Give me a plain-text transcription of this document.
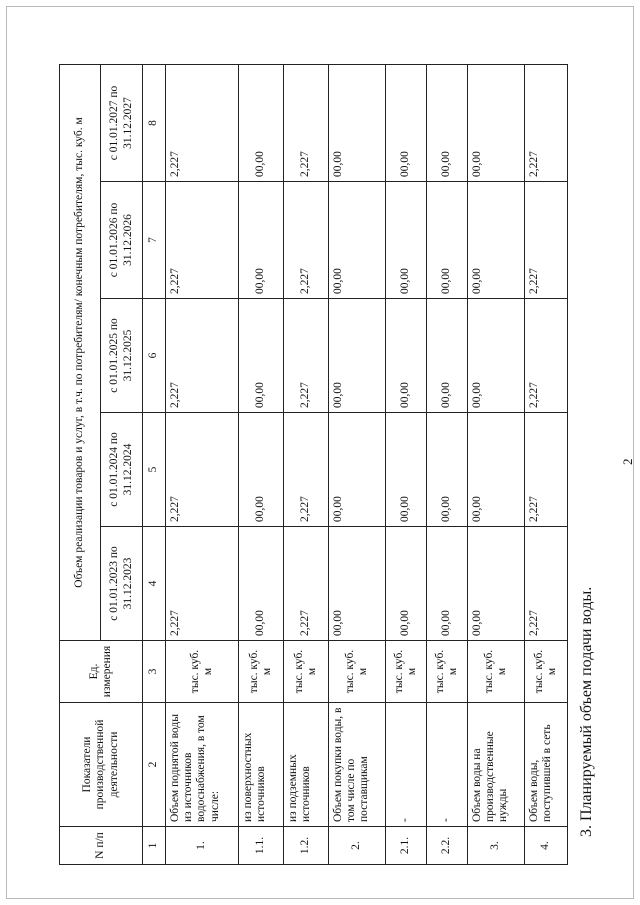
2
3. Планируемый объем подачи воды.
N п/п	Показатели производственной деятельности	Ед. измерения	Объем реализации товаров и услуг, в т.ч. по потребителям/ конечным потребителям, тыс. куб. м				
			с 01.01.2023 по 31.12.2023	с 01.01.2024 по 31.12.2024	с 01.01.2025 по 31.12.2025	с 01.01.2026 по 31.12.2026	с 01.01.2027 по 31.12.2027
1	2	3	4	5	6	7	8
1.	Объем поднятой воды из источников водоснабжения, в том числе:	тыс. куб. м	2,227	2,227	2,227	2,227	2,227
1.1.	из поверхностных источников	тыс. куб. м	00,00	00,00	00,00	00,00	00,00
1.2.	из подземных источников	тыс. куб. м	2,227	2,227	2,227	2,227	2,227
2.	Объем покупки воды, в том числе по поставщикам	тыс. куб. м	00,00	00,00	00,00	00,00	00,00
2.1.	-	тыс. куб. м	00,00	00,00	00,00	00,00	00,00
2.2.	-	тыс. куб. м	00,00	00,00	00,00	00,00	00,00
3.	Объем воды на производственные нужды	тыс. куб. м	00,00	00,00	00,00	00,00	00,00
4.	Объем воды, поступившей в сеть	тыс. куб. м	2,227	2,227	2,227	2,227	2,227
